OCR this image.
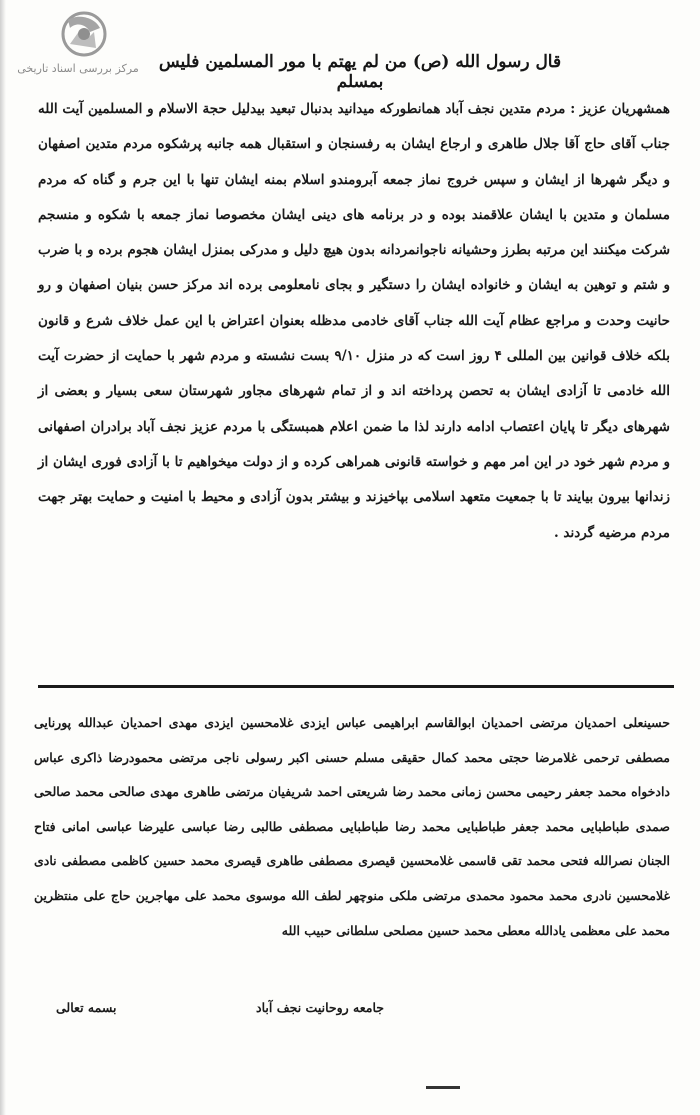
مرکز بررسی اسناد تاریخی	قال رسول الله (ص) من لم یهتم با مور المسلمین فلیس بمسلم
همشهریان عزیز : مردم متدین نجف آباد همانطورکه میدانید بدنبال تبعید بیدلیل حجة الاسلام و المسلمین آیت الله جناب آقای حاج آقا جلال طاهری و ارجاع ایشان به رفسنجان و استقبال همه جانبه پرشکوه مردم متدین اصفهان و دیگر شهرها از ایشان و سپس خروج نماز جمعه آبرومندو اسلام بمنه ایشان تنها با این جرم و گناه که مردم مسلمان و متدین با ایشان علاقمند بوده و در برنامه های دینی ایشان مخصوصا نماز جمعه با شکوه و منسجم شرکت میکنند این مرتبه بطرز وحشیانه ناجوانمردانه بدون هیچ دلیل و مدرکی بمنزل ایشان هجوم برده و با ضرب و شتم و توهین به ایشان و خانواده ایشان را دستگیر و بجای نامعلومی برده اند مرکز حسن بنیان اصفهان و رو حانیت وحدت و مراجع عظام آیت الله جناب آقای خادمی مدظله بعنوان اعتراض با این عمل خلاف شرع و قانون بلکه خلاف قوانین بین المللی ۴ روز است که در منزل ۹/۱۰ بست نشسته و مردم شهر با حمایت از حضرت آیت الله خادمی تا آزادی ایشان به تحصن پرداخته اند و از تمام شهرهای مجاور شهرستان سعی بسیار و بعضی از شهرهای دیگر تا پایان اعتصاب ادامه دارند لذا ما ضمن اعلام همبستگی با مردم عزیز نجف آباد برادران اصفهانی و مردم شهر خود در این امر مهم و خواسته قانونی همراهی کرده و از دولت میخواهیم تا با آزادی فوری ایشان از زندانها بیرون بیایند تا با جمعیت متعهد اسلامی بپاخیزند و بیشتر بدون آزادی و محیط با امنیت و حمایت بهتر جهت مردم مرضیه گردند .
حسینعلی احمدیان مرتضی احمدیان ابوالقاسم ابراهیمی عباس ایزدی غلامحسین ایزدی مهدی احمدیان عبدالله پورنایی مصطفی ترحمی غلامرضا حجتی محمد کمال حقیقی مسلم حسنی اکبر رسولی ناجی مرتضی محمودرضا ذاکری عباس دادخواه محمد جعفر رحیمی محسن زمانی محمد رضا شریعتی احمد شریفیان مرتضی طاهری مهدی صالحی محمد صالحی صمدی طباطبایی محمد جعفر طباطبایی محمد رضا طباطبایی مصطفی طالبی رضا عباسی علیرضا عباسی امانی فتاح الجنان نصرالله فتحی محمد تقی قاسمی غلامحسین قیصری مصطفی طاهری قیصری محمد حسین کاظمی مصطفی نادی غلامحسین نادری محمد محمود محمدی مرتضی ملکی منوچهر لطف الله موسوی محمد علی مهاجرین حاج علی منتظرین محمد علی معظمی یادالله معطی محمد حسین مصلحی سلطانی حبیب الله
جامعه روحانیت نجف آباد
بسمه تعالی
